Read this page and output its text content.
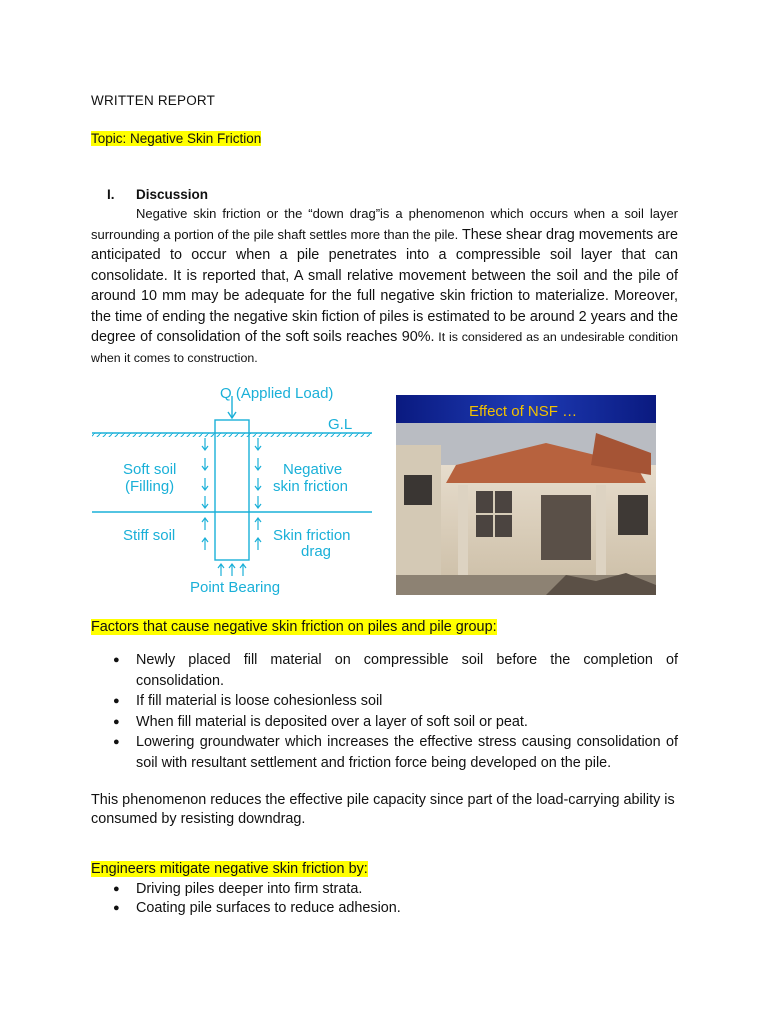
WRITTEN REPORT
Topic: Negative Skin Friction
I. Discussion
Negative skin friction or the “down drag”is a phenomenon which occurs when a soil layer surrounding a portion of the pile shaft settles more than the pile. These shear drag movements are anticipated to occur when a pile penetrates into a compressible soil layer that can consolidate. It is reported that, A small relative movement between the soil and the pile of around 10 mm may be adequate for the full negative skin friction to materialize. Moreover, the time of ending the negative skin fiction of piles is estimated to be around 2 years and the degree of consolidation of the soft soils reaches 90%. It is considered as an undesirable condition when it comes to construction.
Q (Applied Load)
G.L
Soft soil
(Filling)
Negative
skin friction
Stiff soil	Skin friction
drag
Point Bearing
Effect of NSF …
Factors that cause negative skin friction on piles and pile group:
● Newly placed fill material on compressible soil before the completion of consolidation.
● If fill material is loose cohesionless soil
● When fill material is deposited over a layer of soft soil or peat.
● Lowering groundwater which increases the effective stress causing consolidation of soil with resultant settlement and friction force being developed on the pile.
This phenomenon reduces the effective pile capacity since part of the load-carrying ability is consumed by resisting downdrag.
Engineers mitigate negative skin friction by:
● Driving piles deeper into firm strata.
● Coating pile surfaces to reduce adhesion.
